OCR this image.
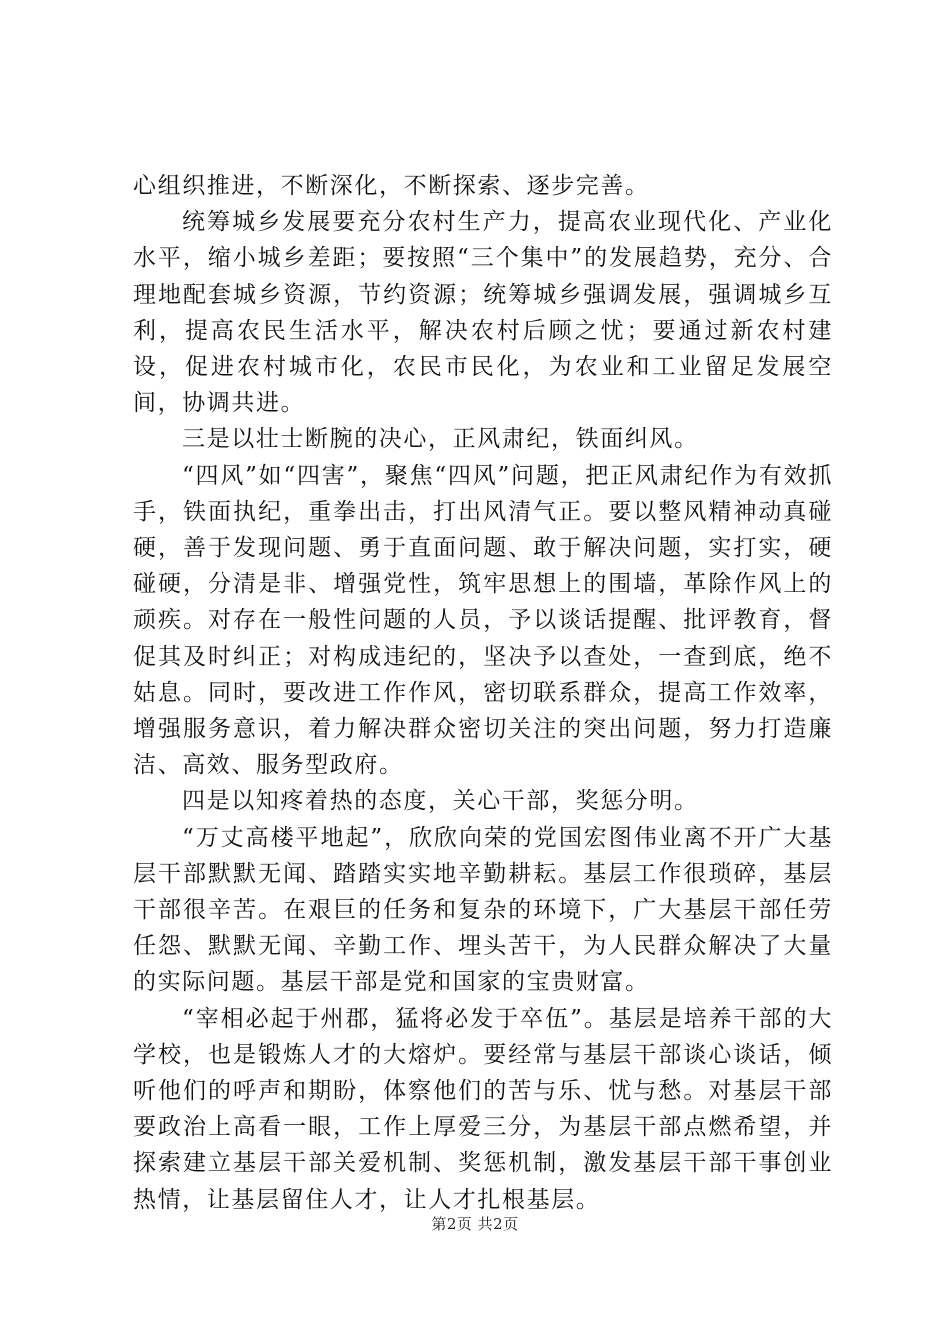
心组织推进，不断深化，不断探索、逐步完善。

统筹城乡发展要充分农村生产力，提高农业现代化、产业化水平，缩小城乡差距；要按照“三个集中”的发展趋势，充分、合理地配套城乡资源，节约资源；统筹城乡强调发展，强调城乡互利，提高农民生活水平，解决农村后顾之忧；要通过新农村建设，促进农村城市化，农民市民化，为农业和工业留足发展空间，协调共进。

三是以壮士断腕的决心，正风肃纪，铁面纠风。

“四风”如“四害”，聚焦“四风”问题，把正风肃纪作为有效抓手，铁面执纪，重拳出击，打出风清气正。要以整风精神动真碰硬，善于发现问题、勇于直面问题、敢于解决问题，实打实，硬碰硬，分清是非、增强党性，筑牢思想上的围墙，革除作风上的顽疾。对存在一般性问题的人员，予以谈话提醒、批评教育，督促其及时纠正；对构成违纪的，坚决予以查处，一查到底，绝不姑息。同时，要改进工作作风，密切联系群众，提高工作效率，增强服务意识，着力解决群众密切关注的突出问题，努力打造廉洁、高效、服务型政府。

四是以知疼着热的态度，关心干部，奖惩分明。

“万丈高楼平地起”，欣欣向荣的党国宏图伟业离不开广大基层干部默默无闻、踏踏实实地辛勤耕耘。基层工作很琐碎，基层干部很辛苦。在艰巨的任务和复杂的环境下，广大基层干部任劳任怨、默默无闻、辛勤工作、埋头苦干，为人民群众解决了大量的实际问题。基层干部是党和国家的宝贵财富。

“宰相必起于州郡，猛将必发于卒伍”。基层是培养干部的大学校，也是锻炼人才的大熔炉。要经常与基层干部谈心谈话，倾听他们的呼声和期盼，体察他们的苦与乐、忧与愁。对基层干部要政治上高看一眼，工作上厚爱三分，为基层干部点燃希望，并探索建立基层干部关爱机制、奖惩机制，激发基层干部干事创业热情，让基层留住人才，让人才扎根基层。

第2页 共2页
